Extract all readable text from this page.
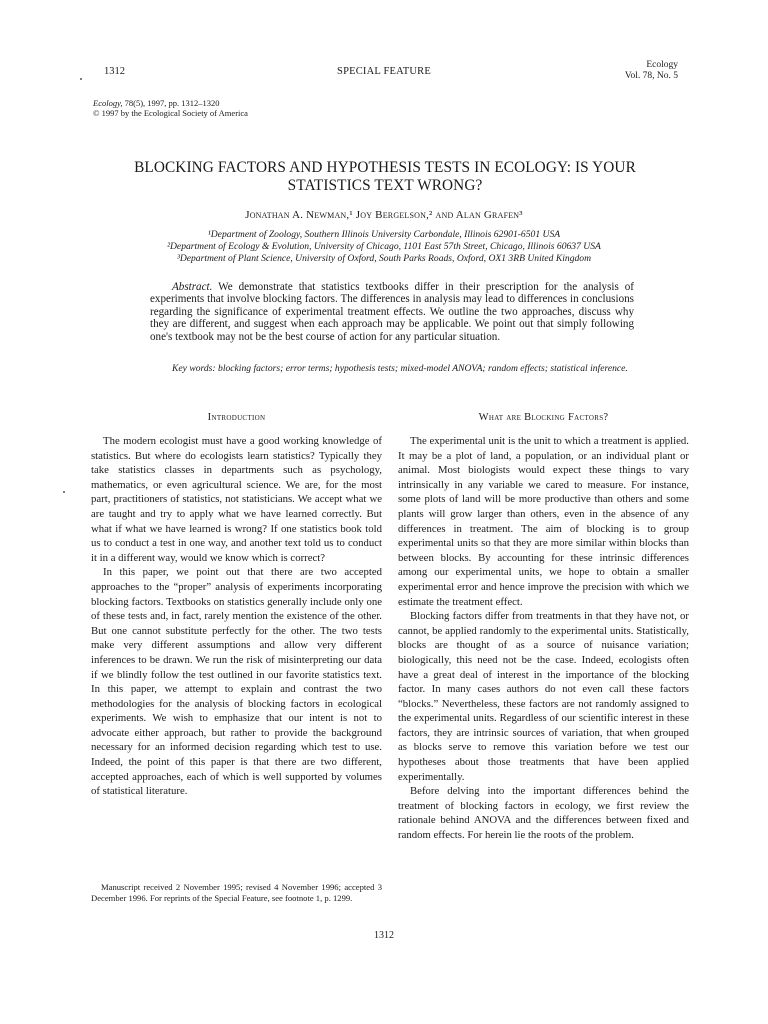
1312	SPECIAL FEATURE
Ecology
Vol. 78, No. 5
Ecology, 78(5), 1997, pp. 1312–1320
© 1997 by the Ecological Society of America
BLOCKING FACTORS AND HYPOTHESIS TESTS IN ECOLOGY: IS YOUR
STATISTICS TEXT WRONG?
Jonathan A. Newman,¹ Joy Bergelson,² and Alan Grafen³
¹Department of Zoology, Southern Illinois University Carbondale, Illinois 62901-6501 USA
²Department of Ecology & Evolution, University of Chicago, 1101 East 57th Street, Chicago, Illinois 60637 USA
³Department of Plant Science, University of Oxford, South Parks Roads, Oxford, OX1 3RB United Kingdom
Abstract. We demonstrate that statistics textbooks differ in their prescription for the analysis of experiments that involve blocking factors. The differences in analysis may lead to differences in conclusions regarding the significance of experimental treatment effects. We outline the two approaches, discuss why they are different, and suggest when each approach may be applicable. We point out that simply following one's textbook may not be the best course of action for any particular situation.
Key words: blocking factors; error terms; hypothesis tests; mixed-model ANOVA; random effects; statistical inference.
Introduction	What are Blocking Factors?

The modern ecologist must have a good working knowledge of statistics. But where do ecologists learn statistics? Typically they take statistics classes in departments such as psychology, mathematics, or even agricultural science. We are, for the most part, practitioners of statistics, not statisticians. We accept what we are taught and try to apply what we have learned correctly. But what if what we have learned is wrong? If one statistics book told us to conduct a test in one way, and another text told us to conduct it in a different way, would we know which is correct?

In this paper, we point out that there are two accepted approaches to the “proper” analysis of experiments incorporating blocking factors. Textbooks on statistics generally include only one of these tests and, in fact, rarely mention the existence of the other. But one cannot substitute perfectly for the other. The two tests make very different assumptions and allow very different inferences to be drawn. We run the risk of misinterpreting our data if we blindly follow the test outlined in our favorite statistics text. In this paper, we attempt to explain and contrast the two methodologies for the analysis of blocking factors in ecological experiments. We wish to emphasize that our intent is not to advocate either approach, but rather to provide the background necessary for an informed decision regarding which test to use. Indeed, the point of this paper is that there are two different, accepted approaches, each of which is well supported by volumes of statistical literature.

The experimental unit is the unit to which a treatment is applied. It may be a plot of land, a population, or an individual plant or animal. Most biologists would expect these things to vary intrinsically in any variable we cared to measure. For instance, some plots of land will be more productive than others and some plants will grow larger than others, even in the absence of any differences in treatment. The aim of blocking is to group experimental units so that they are more similar within blocks than between blocks. By accounting for these intrinsic differences among our experimental units, we hope to obtain a smaller experimental error and hence improve the precision with which we estimate the treatment effect.

Blocking factors differ from treatments in that they have not, or cannot, be applied randomly to the experimental units. Statistically, blocks are thought of as a source of nuisance variation; biologically, this need not be the case. Indeed, ecologists often have a great deal of interest in the importance of the blocking factor. In many cases authors do not even call these factors “blocks.” Nevertheless, these factors are not randomly assigned to the experimental units. Regardless of our scientific interest in these factors, they are intrinsic sources of variation, that when grouped as blocks serve to remove this variation before we test our hypotheses about those treatments that have been applied experimentally.

Before delving into the important differences behind the treatment of blocking factors in ecology, we first review the rationale behind ANOVA and the differences between fixed and random effects. For herein lie the roots of the problem.

Manuscript received 2 November 1995; revised 4 November 1996; accepted 3 December 1996. For reprints of the Special Feature, see footnote 1, p. 1299.
1312
